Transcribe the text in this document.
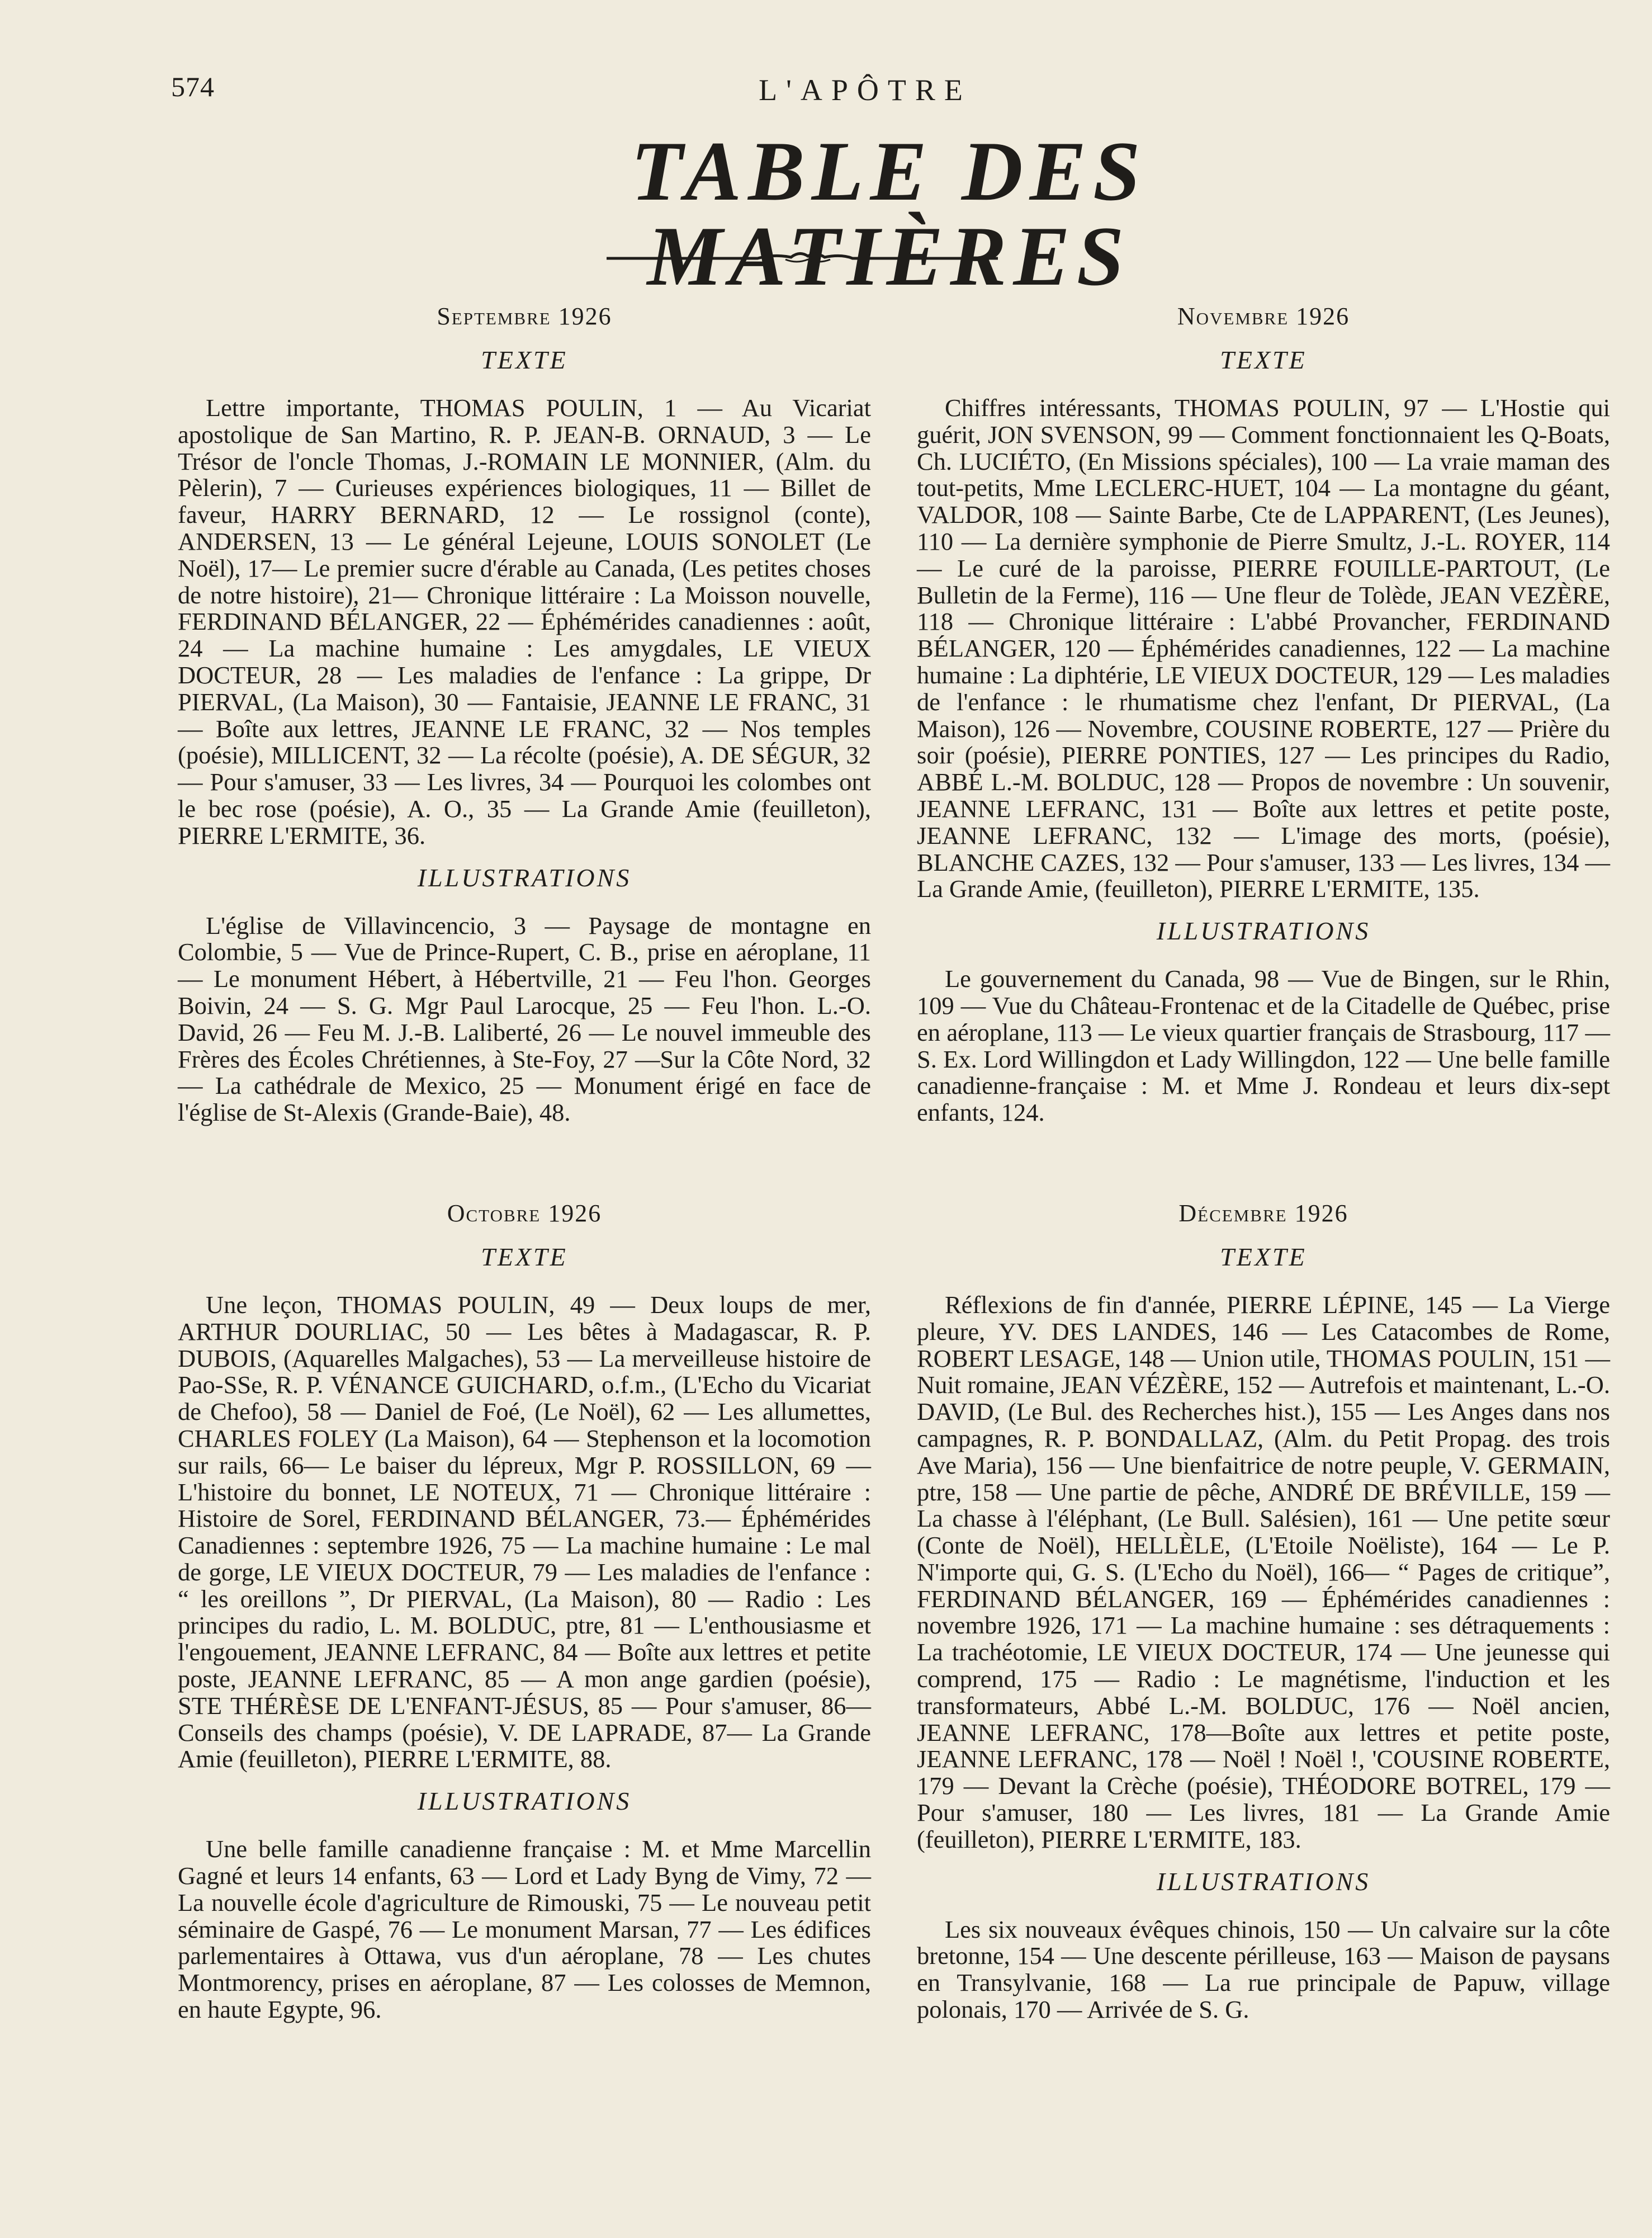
574	L'APÔTRE
TABLE DES MATIÈRES
Septembre 1926
TEXTE

Lettre importante, THOMAS POULIN, 1 — Au Vicariat apostolique de San Martino, R. P. JEAN-B. ORNAUD, 3 — Le Trésor de l'oncle Thomas, J.-ROMAIN LE MONNIER, (Alm. du Pèlerin), 7 — Curieuses expériences biologiques, 11 — Billet de faveur, HARRY BERNARD, 12 — Le rossignol (conte), ANDERSEN, 13 — Le général Lejeune, LOUIS SONOLET (Le Noël), 17— Le premier sucre d'érable au Canada, (Les petites choses de notre histoire), 21— Chronique littéraire : La Moisson nouvelle, FERDINAND BÉLANGER, 22 — Éphémérides canadiennes : août, 24 — La machine humaine : Les amygdales, LE VIEUX DOCTEUR, 28 — Les maladies de l'enfance : La grippe, Dr PIERVAL, (La Maison), 30 — Fantaisie, JEANNE LE FRANC, 31 — Boîte aux lettres, JEANNE LE FRANC, 32 — Nos temples (poésie), MILLICENT, 32 — La récolte (poésie), A. DE SÉGUR, 32 — Pour s'amuser, 33 — Les livres, 34 — Pourquoi les colombes ont le bec rose (poésie), A. O., 35 — La Grande Amie (feuilleton), PIERRE L'ERMITE, 36.

ILLUSTRATIONS

L'église de Villavincencio, 3 — Paysage de montagne en Colombie, 5 — Vue de Prince-Rupert, C. B., prise en aéroplane, 11 — Le monument Hébert, à Hébertville, 21 — Feu l'hon. Georges Boivin, 24 — S. G. Mgr Paul Larocque, 25 — Feu l'hon. L.-O. David, 26 — Feu M. J.-B. Laliberté, 26 — Le nouvel immeuble des Frères des Écoles Chrétiennes, à Ste-Foy, 27 —Sur la Côte Nord, 32 — La cathédrale de Mexico, 25 — Monument érigé en face de l'église de St-Alexis (Grande-Baie), 48.

Octobre 1926
TEXTE

Une leçon, THOMAS POULIN, 49 — Deux loups de mer, ARTHUR DOURLIAC, 50 — Les bêtes à Madagascar, R. P. DUBOIS, (Aquarelles Malgaches), 53 — La merveilleuse histoire de Pao-SSe, R. P. VÉNANCE GUICHARD, o.f.m., (L'Echo du Vicariat de Chefoo), 58 — Daniel de Foé, (Le Noël), 62 — Les allumettes, CHARLES FOLEY (La Maison), 64 — Stephenson et la locomotion sur rails, 66— Le baiser du lépreux, Mgr P. ROSSILLON, 69 — L'histoire du bonnet, LE NOTEUX, 71 — Chronique littéraire : Histoire de Sorel, FERDINAND BÉLANGER, 73.— Éphémérides Canadiennes : septembre 1926, 75 — La machine humaine : Le mal de gorge, LE VIEUX DOCTEUR, 79 — Les maladies de l'enfance : “ les oreillons ”, Dr PIERVAL, (La Maison), 80 — Radio : Les principes du radio, L. M. BOLDUC, ptre, 81 — L'enthousiasme et l'engouement, JEANNE LEFRANC, 84 — Boîte aux lettres et petite poste, JEANNE LEFRANC, 85 — A mon ange gardien (poésie), STE THÉRÈSE DE L'ENFANT-JÉSUS, 85 — Pour s'amuser, 86—Conseils des champs (poésie), V. DE LAPRADE, 87— La Grande Amie (feuilleton), PIERRE L'ERMITE, 88.

ILLUSTRATIONS

Une belle famille canadienne française : M. et Mme Marcellin Gagné et leurs 14 enfants, 63 — Lord et Lady Byng de Vimy, 72 — La nouvelle école d'agriculture de Rimouski, 75 — Le nouveau petit séminaire de Gaspé, 76 — Le monument Marsan, 77 — Les édifices parlementaires à Ottawa, vus d'un aéroplane, 78 — Les chutes Montmorency, prises en aéroplane, 87 — Les colosses de Memnon, en haute Egypte, 96.

Novembre 1926
TEXTE

Chiffres intéressants, THOMAS POULIN, 97 — L'Hostie qui guérit, JON SVENSON, 99 — Comment fonctionnaient les Q-Boats, Ch. LUCIÉTO, (En Missions spéciales), 100 — La vraie maman des tout-petits, Mme LECLERC-HUET, 104 — La montagne du géant, VALDOR, 108 — Sainte Barbe, Cte de LAPPARENT, (Les Jeunes), 110 — La dernière symphonie de Pierre Smultz, J.-L. ROYER, 114 — Le curé de la paroisse, PIERRE FOUILLE-PARTOUT, (Le Bulletin de la Ferme), 116 — Une fleur de Tolède, JEAN VEZÈRE, 118 — Chronique littéraire : L'abbé Provancher, FERDINAND BÉLANGER, 120 — Éphémérides canadiennes, 122 — La machine humaine : La diphtérie, LE VIEUX DOCTEUR, 129 — Les maladies de l'enfance : le rhumatisme chez l'enfant, Dr PIERVAL, (La Maison), 126 — Novembre, COUSINE ROBERTE, 127 — Prière du soir (poésie), PIERRE PONTIES, 127 — Les principes du Radio, ABBÉ L.-M. BOLDUC, 128 — Propos de novembre : Un souvenir, JEANNE LEFRANC, 131 — Boîte aux lettres et petite poste, JEANNE LEFRANC, 132 — L'image des morts, (poésie), BLANCHE CAZES, 132 — Pour s'amuser, 133 — Les livres, 134 — La Grande Amie, (feuilleton), PIERRE L'ERMITE, 135.

ILLUSTRATIONS

Le gouvernement du Canada, 98 — Vue de Bingen, sur le Rhin, 109 — Vue du Château-Frontenac et de la Citadelle de Québec, prise en aéroplane, 113 — Le vieux quartier français de Strasbourg, 117 — S. Ex. Lord Willingdon et Lady Willingdon, 122 — Une belle famille canadienne-française : M. et Mme J. Rondeau et leurs dix-sept enfants, 124.

Décembre 1926
TEXTE

Réflexions de fin d'année, PIERRE LÉPINE, 145 — La Vierge pleure, YV. DES LANDES, 146 — Les Catacombes de Rome, ROBERT LESAGE, 148 — Union utile, THOMAS POULIN, 151 — Nuit romaine, JEAN VÉZÈRE, 152 — Autrefois et maintenant, L.-O. DAVID, (Le Bul. des Recherches hist.), 155 — Les Anges dans nos campagnes, R. P. BONDALLAZ, (Alm. du Petit Propag. des trois Ave Maria), 156 — Une bienfaitrice de notre peuple, V. GERMAIN, ptre, 158 — Une partie de pêche, ANDRÉ DE BRÉVILLE, 159 — La chasse à l'éléphant, (Le Bull. Salésien), 161 — Une petite sœur (Conte de Noël), HELLÈLE, (L'Etoile Noëliste), 164 — Le P. N'importe qui, G. S. (L'Echo du Noël), 166— “ Pages de critique”, FERDINAND BÉLANGER, 169 — Éphémérides canadiennes : novembre 1926, 171 — La machine humaine : ses détraquements : La trachéotomie, LE VIEUX DOCTEUR, 174 — Une jeunesse qui comprend, 175 — Radio : Le magnétisme, l'induction et les transformateurs, Abbé L.-M. BOLDUC, 176 — Noël ancien, JEANNE LEFRANC, 178—Boîte aux lettres et petite poste, JEANNE LEFRANC, 178 — Noël ! Noël !, 'COUSINE ROBERTE, 179 — Devant la Crèche (poésie), THÉODORE BOTREL, 179 — Pour s'amuser, 180 — Les livres, 181 — La Grande Amie (feuilleton), PIERRE L'ERMITE, 183.

ILLUSTRATIONS

Les six nouveaux évêques chinois, 150 — Un calvaire sur la côte bretonne, 154 — Une descente périlleuse, 163 — Maison de paysans en Transylvanie, 168 — La rue principale de Papuw, village polonais, 170 — Arrivée de S. G.
